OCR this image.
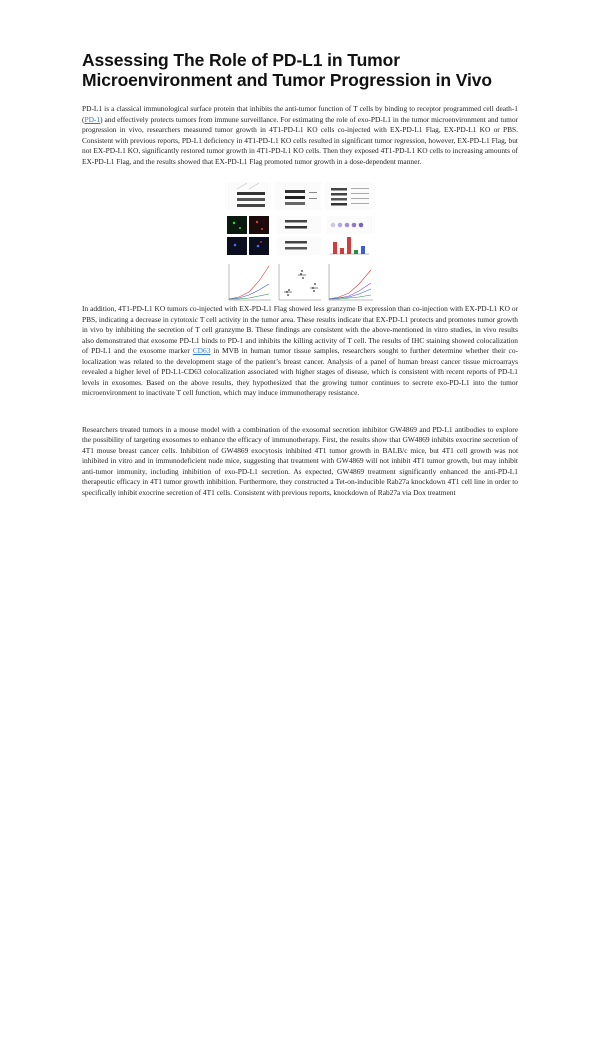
Assessing The Role of PD-L1 in Tumor
Microenvironment and Tumor Progression in Vivo

PD-L1 is a classical immunological surface protein that inhibits the anti-tumor function of T cells by binding to receptor programmed cell death-1 (PD-1) and effectively protects tumors from immune surveillance. For estimating the role of exo-PD-L1 in the tumor microenvironment and tumor progression in vivo, researchers measured tumor growth in 4T1-PD-L1 KO cells co-injected with EX-PD-L1 Flag, EX-PD-L1 KO or PBS. Consistent with previous reports, PD-L1 deficiency in 4T1-PD-L1 KO cells resulted in significant tumor regression, however, EX-PD-L1 Flag, but not EX-PD-L1 KO, significantly restored tumor growth in 4T1-PD-L1 KO cells. Then they exposed 4T1-PD-L1 KO cells to increasing amounts of EX-PD-L1 Flag, and the results showed that EX-PD-L1 Flag promoted tumor growth in a dose-dependent manner.

In addition, 4T1-PD-L1 KO tumors co-injected with EX-PD-L1 Flag showed less granzyme B expression than co-injection with EX-PD-L1 KO or PBS, indicating a decrease in cytotoxic T cell activity in the tumor area. These results indicate that EX-PD-L1 protects and promotes tumor growth in vivo by inhibiting the secretion of T cell granzyme B. These findings are consistent with the above-mentioned in vitro studies, in vivo results also demonstrated that exosome PD-L1 binds to PD-1 and inhibits the killing activity of T cell. The results of IHC staining showed colocalization of PD-L1 and the exosome marker CD63 in MVB in human tumor tissue samples, researchers sought to further determine whether their co-localization was related to the development stage of the patient’s breast cancer. Analysis of a panel of human breast cancer tissue microarrays revealed a higher level of PD-L1-CD63 colocalization associated with higher stages of disease, which is consistent with recent reports of PD-L1 levels in exosomes. Based on the above results, they hypothesized that the growing tumor continues to secrete exo-PD-L1 into the tumor microenvironment to inactivate T cell function, which may induce immunotherapy resistance.

Researchers treated tumors in a mouse model with a combination of the exosomal secretion inhibitor GW4869 and PD-L1 antibodies to explore the possibility of targeting exosomes to enhance the efficacy of immunotherapy. First, the results show that GW4869 inhibits exocrine secretion of 4T1 mouse breast cancer cells. Inhibition of GW4869 exocytosis inhibited 4T1 tumor growth in BALB/c mice, but 4T1 cell growth was not inhibited in vitro and in immunodeficient nude mice, suggesting that treatment with GW4869 will not inhibit 4T1 tumor growth, but may inhibit anti-tumor immunity, including inhibition of exo-PD-L1 secretion. As expected, GW4869 treatment significantly enhanced the anti-PD-L1 therapeutic efficacy in 4T1 tumor growth inhibition. Furthermore, they constructed a Tet-on-inducible Rab27a knockdown 4T1 cell line in order to specifically inhibit exocrine secretion of 4T1 cells. Consistent with previous reports, knockdown of Rab27a via Dox treatment
